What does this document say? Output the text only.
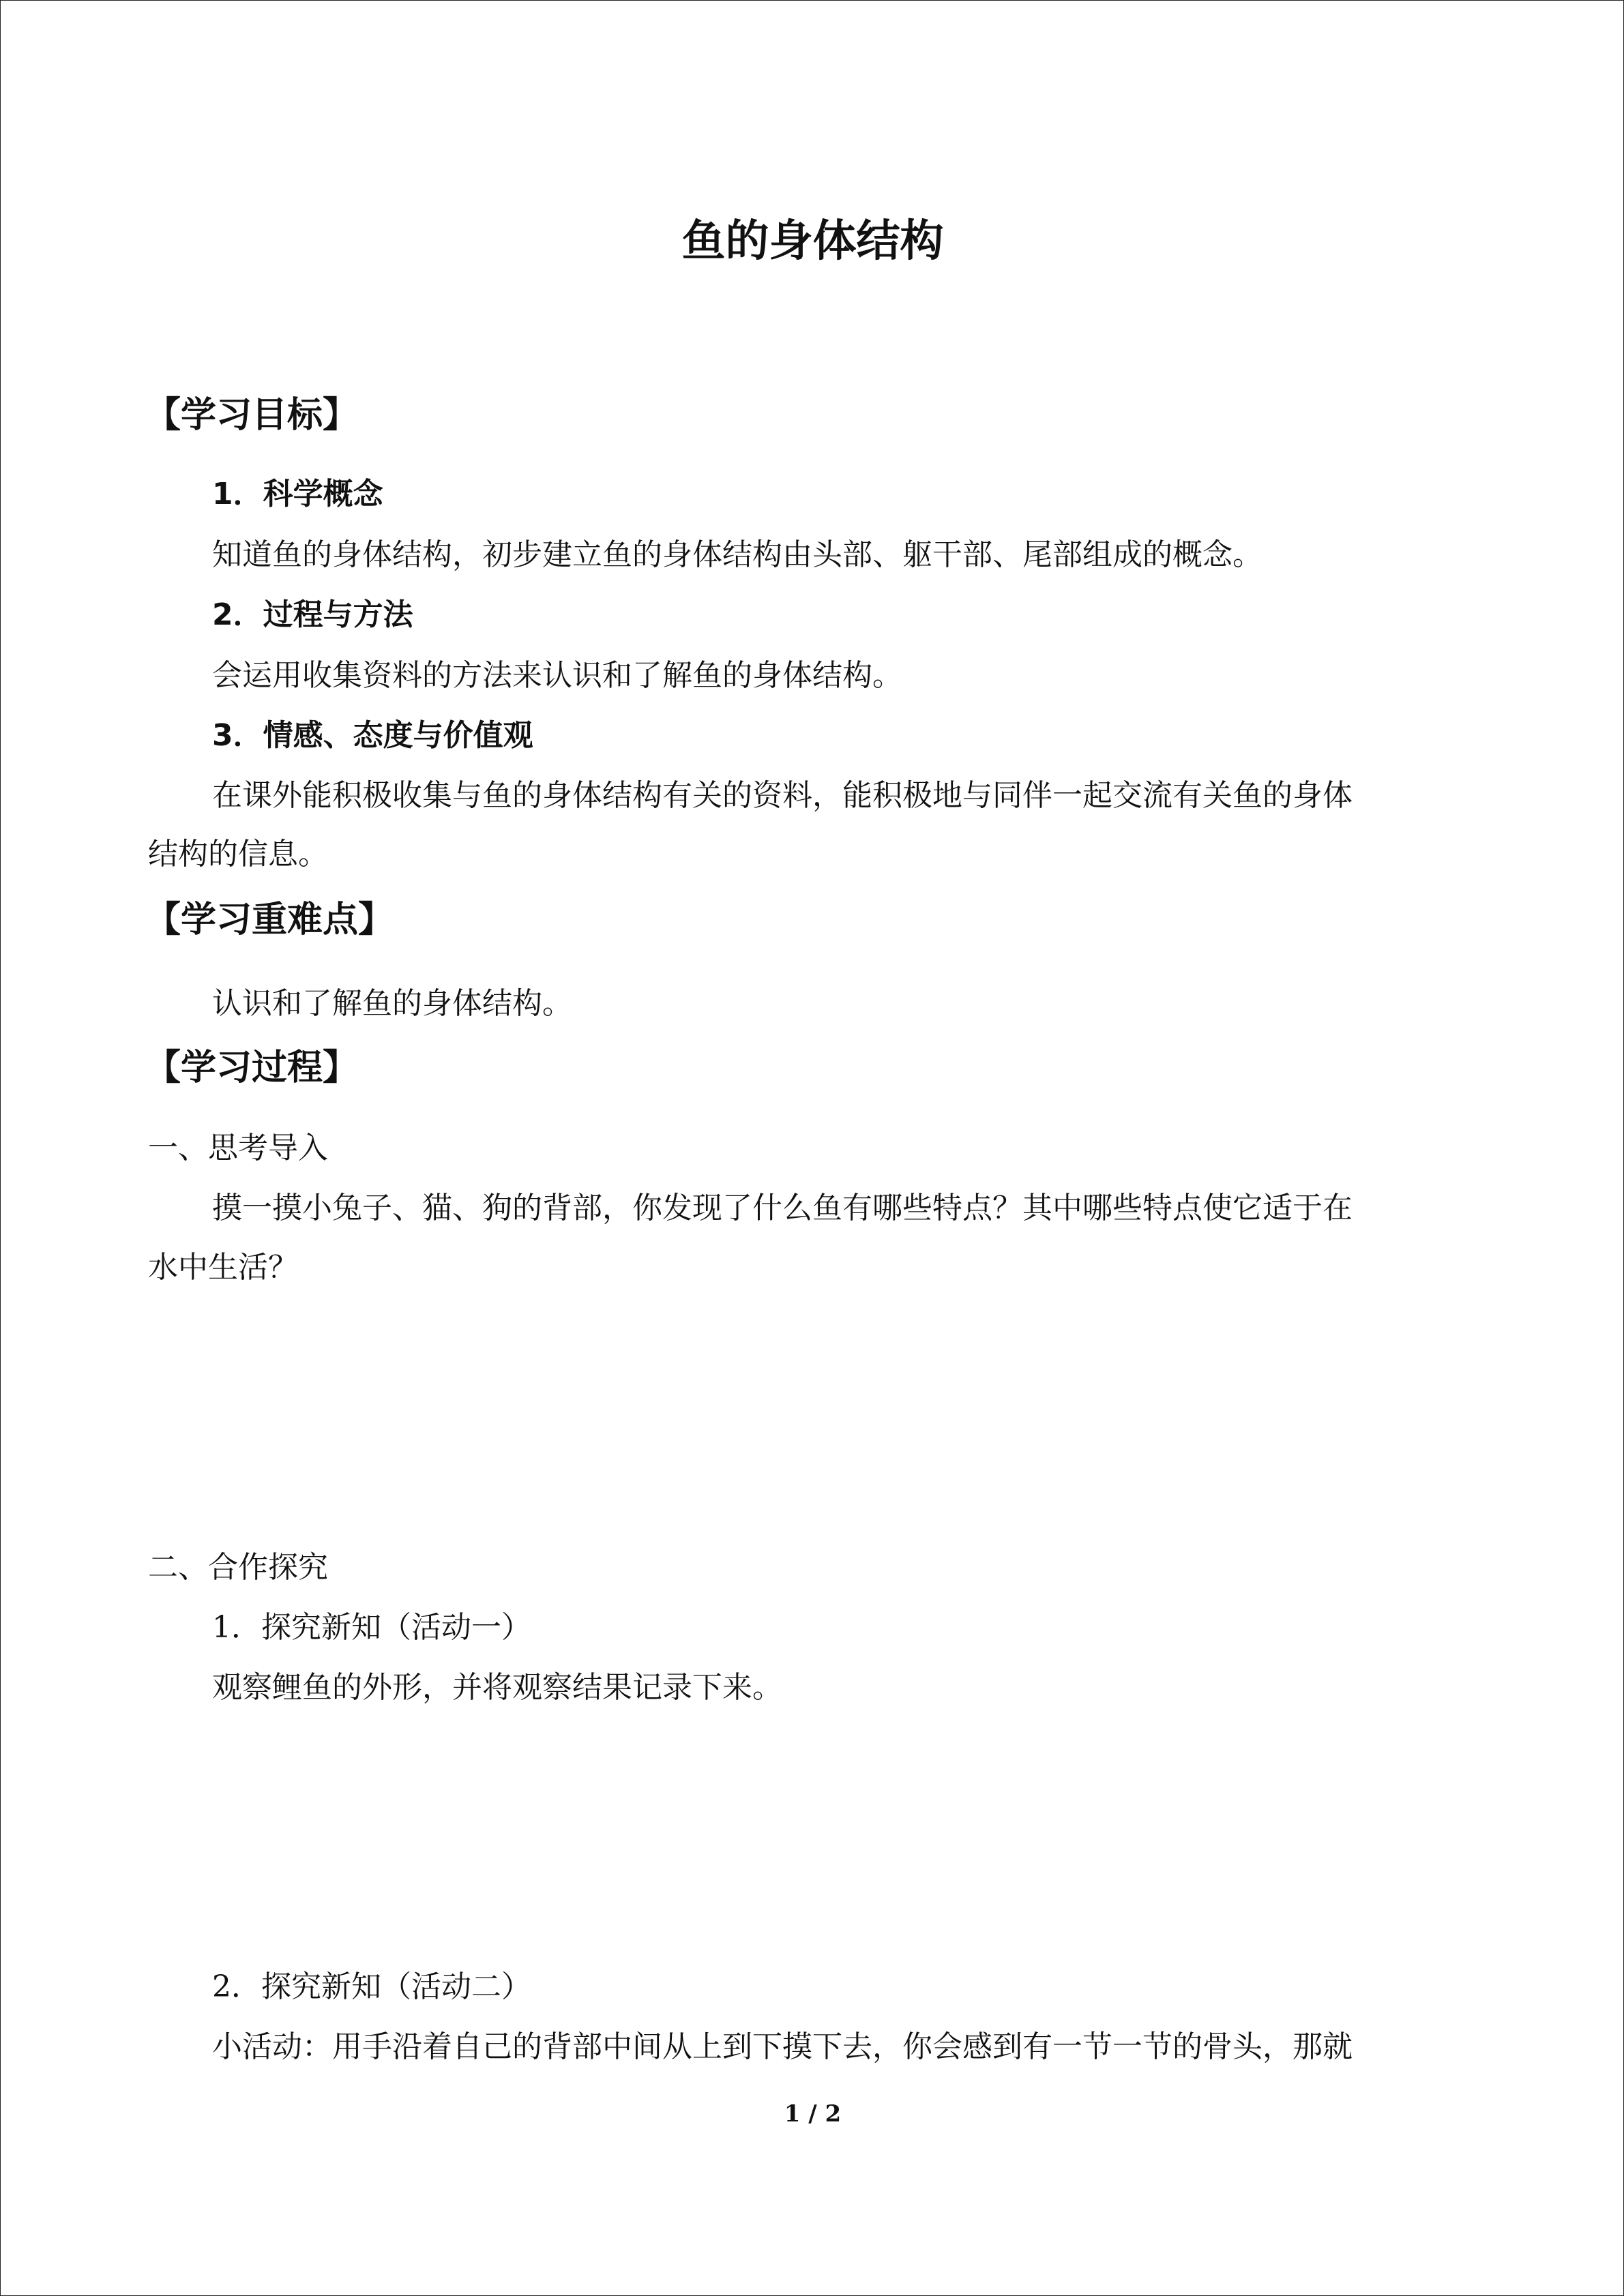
鱼的身体结构
【学习目标】
1．科学概念
知道鱼的身体结构，初步建立鱼的身体结构由头部、躯干部、尾部组成的概念。
2．过程与方法
会运用收集资料的方法来认识和了解鱼的身体结构。
3．情感、态度与价值观
在课外能积极收集与鱼的身体结构有关的资料，能积极地与同伴一起交流有关鱼的身体
结构的信息。
【学习重难点】
认识和了解鱼的身体结构。
【学习过程】
一、思考导入
摸一摸小兔子、猫、狗的背部，你发现了什么鱼有哪些特点？其中哪些特点使它适于在
水中生活？
二、合作探究
1．探究新知（活动一）
观察鲤鱼的外形，并将观察结果记录下来。
2．探究新知（活动二）
小活动：用手沿着自己的背部中间从上到下摸下去，你会感到有一节一节的骨头，那就
1 / 2
